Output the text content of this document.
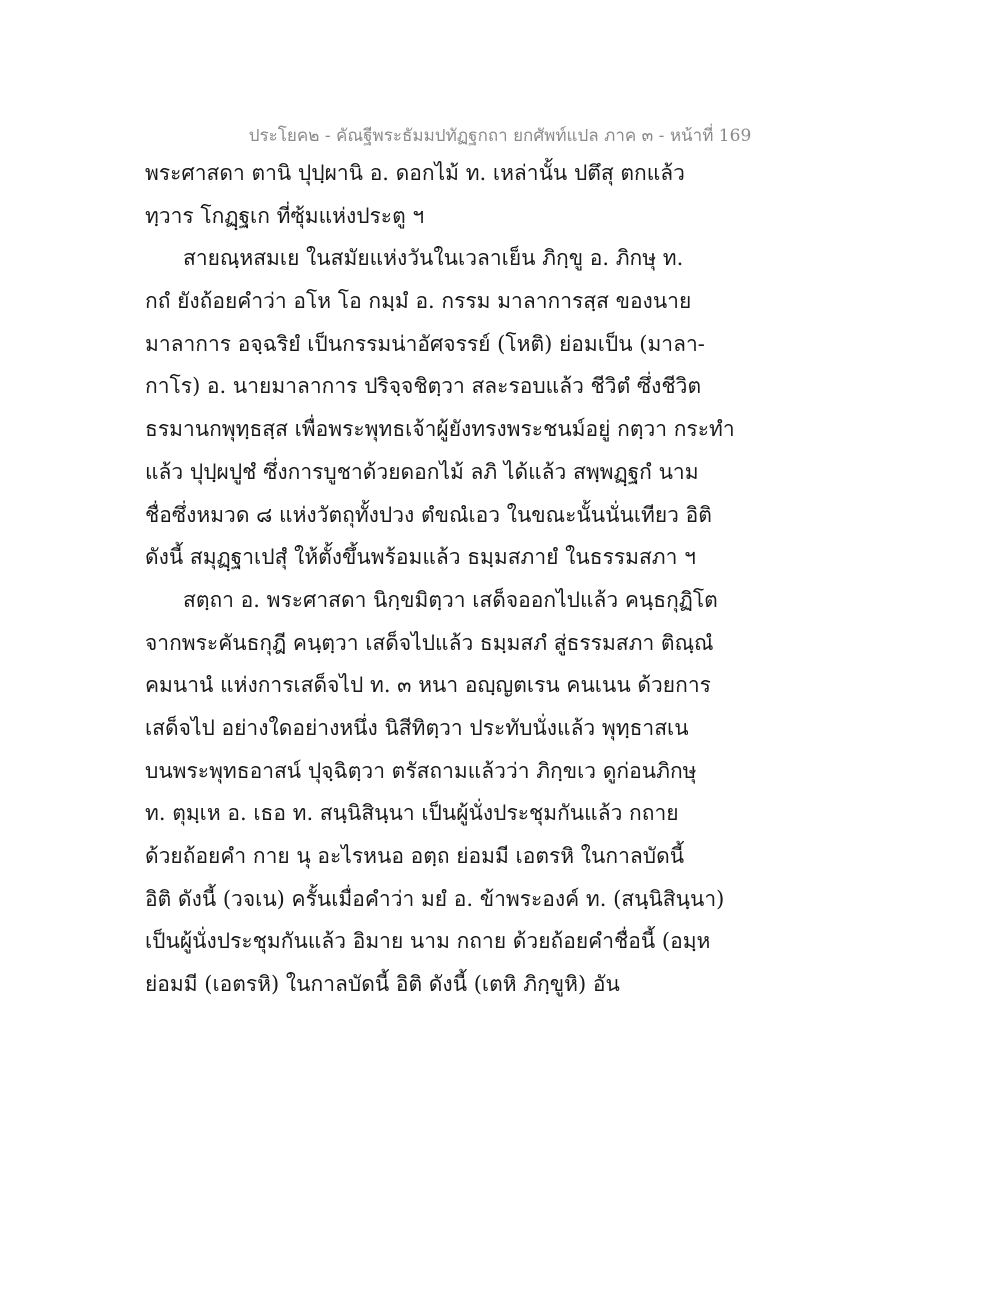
ประโยค๒ - คัณฐีพระธัมมปทัฏฐกถา ยกศัพท์แปล ภาค ๓ - หน้าที่ 169
พระศาสดา ตานิ ปุปฺผานิ อ. ดอกไม้ ท. เหล่านั้น ปตึสุ ตกแล้ว
ทฺวาร โกฏฺฐเก ที่ซุ้มแห่งประตู ฯ
สายณฺหสมเย ในสมัยแห่งวันในเวลาเย็น ภิกฺขู อ. ภิกษุ ท.
กถํ ยังถ้อยคำว่า อโห โอ กมฺมํ อ. กรรม มาลาการสฺส ของนาย
มาลาการ อจฺฉริยํ เป็นกรรมน่าอัศจรรย์ (โหติ) ย่อมเป็น (มาลา-
กาโร) อ. นายมาลาการ ปริจฺจชิตฺวา สละรอบแล้ว ชีวิตํ ซึ่งชีวิต
ธรมานกพุทฺธสฺส เพื่อพระพุทธเจ้าผู้ยังทรงพระชนม์อยู่ กตฺวา กระทำ
แล้ว ปุปฺผปูชํ ซึ่งการบูชาด้วยดอกไม้ ลภิ ได้แล้ว สพฺพฏฺฐกํ นาม
ชื่อซึ่งหมวด ๘ แห่งวัตถุทั้งปวง ตํขณํเอว ในขณะนั้นนั่นเทียว อิติ
ดังนี้ สมุฏฺฐาเปสุํ ให้ตั้งขึ้นพร้อมแล้ว ธมฺมสภายํ ในธรรมสภา ฯ
สตฺถา อ. พระศาสดา นิกฺขมิตฺวา เสด็จออกไปแล้ว คนฺธกุฏิโต
จากพระคันธกุฎี คนฺตฺวา เสด็จไปแล้ว ธมฺมสภํ สู่ธรรมสภา ติณฺณํ
คมนานํ แห่งการเสด็จไป ท. ๓ หนา อญฺญตเรน คนเนน ด้วยการ
เสด็จไป อย่างใดอย่างหนึ่ง นิสีทิตฺวา ประทับนั่งแล้ว พุทฺธาสเน
บนพระพุทธอาสน์ ปุจฺฉิตฺวา ตรัสถามแล้วว่า ภิกฺขเว ดูก่อนภิกษุ
ท. ตุมฺเห อ. เธอ ท. สนฺนิสินฺนา เป็นผู้นั่งประชุมกันแล้ว กถาย
ด้วยถ้อยคำ กาย นุ อะไรหนอ อตฺถ ย่อมมี เอตรหิ ในกาลบัดนี้
อิติ ดังนี้ (วจเน) ครั้นเมื่อคำว่า มยํ อ. ข้าพระองค์ ท. (สนฺนิสินฺนา)
เป็นผู้นั่งประชุมกันแล้ว อิมาย นาม กถาย ด้วยถ้อยคำชื่อนี้ (อมฺห
ย่อมมี (เอตรหิ) ในกาลบัดนี้ อิติ ดังนี้ (เตหิ ภิกฺขูหิ) อัน
